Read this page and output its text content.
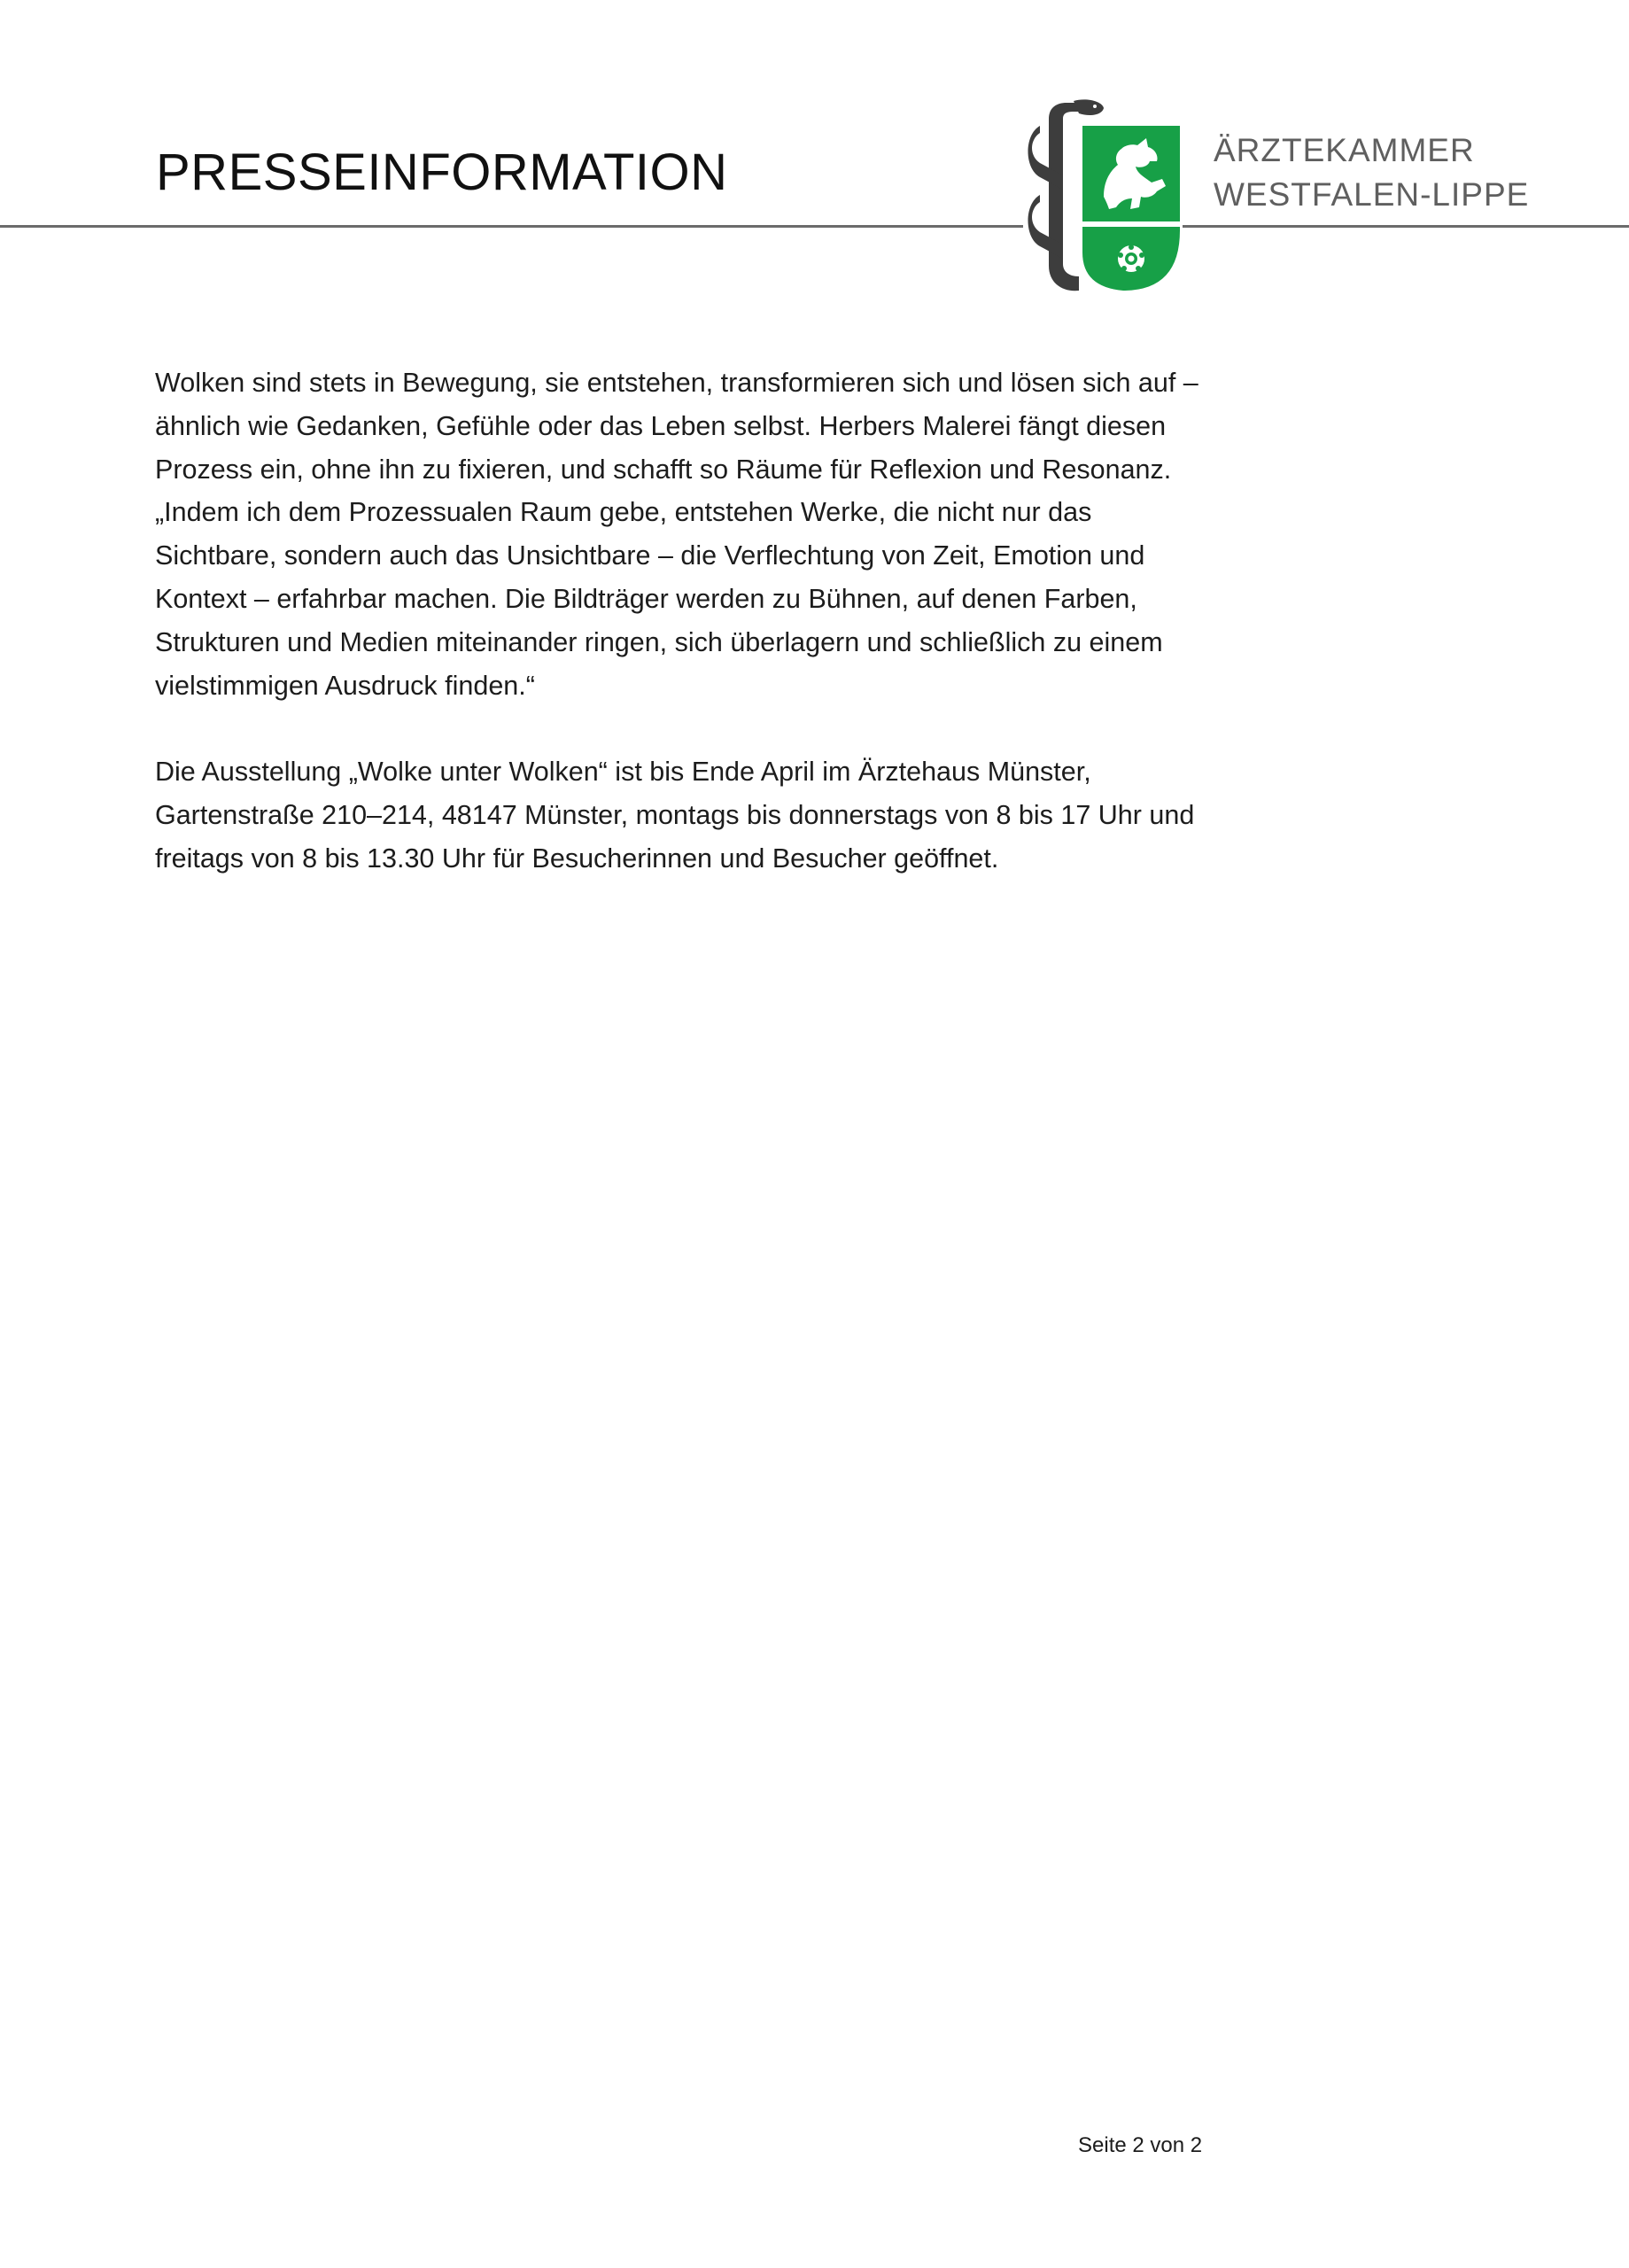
PRESSEINFORMATION	ÄRZTEKAMMER
WESTFALEN-LIPPE

Wolken sind stets in Bewegung, sie entstehen, transformieren sich und lösen sich auf – ähnlich wie Gedanken, Gefühle oder das Leben selbst. Herbers Malerei fängt diesen Prozess ein, ohne ihn zu fixieren, und schafft so Räume für Reflexion und Resonanz. „Indem ich dem Prozessualen Raum gebe, entstehen Werke, die nicht nur das Sichtbare, sondern auch das Unsichtbare – die Verflechtung von Zeit, Emotion und Kontext – erfahrbar machen. Die Bildträger werden zu Bühnen, auf denen Farben, Strukturen und Medien miteinander ringen, sich überlagern und schließlich zu einem vielstimmigen Ausdruck finden.“

Die Ausstellung „Wolke unter Wolken“ ist bis Ende April im Ärztehaus Münster, Gartenstraße 210–214, 48147 Münster, montags bis donnerstags von 8 bis 17 Uhr und freitags von 8 bis 13.30 Uhr für Besucherinnen und Besucher geöffnet.

Seite 2 von 2
